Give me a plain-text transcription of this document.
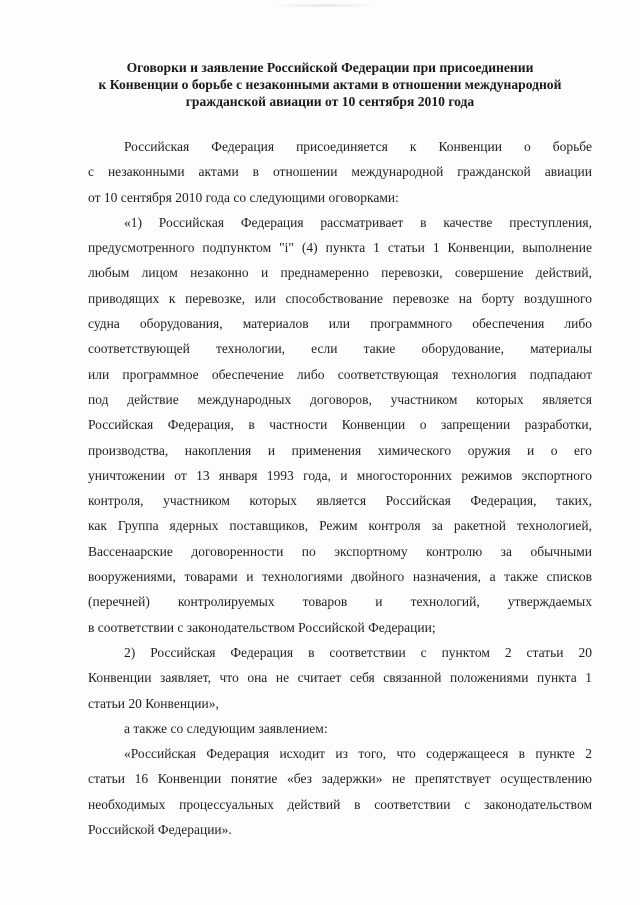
Оговорки и заявление Российской Федерации при присоединении
к Конвенции о борьбе с незаконными актами в отношении международной
гражданской авиации от 10 сентября 2010 года
Российская Федерация присоединяется к Конвенции о борьбе
с незаконными актами в отношении международной гражданской авиации
от 10 сентября 2010 года со следующими оговорками:
«1) Российская Федерация рассматривает в качестве преступления,
предусмотренного подпунктом "i" (4) пункта 1 статьи 1 Конвенции, выполнение
любым лицом незаконно и преднамеренно перевозки, совершение действий,
приводящих к перевозке, или способствование перевозке на борту воздушного
судна оборудования, материалов или программного обеспечения либо
соответствующей технологии, если такие оборудование, материалы
или программное обеспечение либо соответствующая технология подпадают
под действие международных договоров, участником которых является
Российская Федерация, в частности Конвенции о запрещении разработки,
производства, накопления и применения химического оружия и о его
уничтожении от 13 января 1993 года, и многосторонних режимов экспортного
контроля, участником которых является Российская Федерация, таких,
как Группа ядерных поставщиков, Режим контроля за ракетной технологией,
Вассенаарские договоренности по экспортному контролю за обычными
вооружениями, товарами и технологиями двойного назначения, а также списков
(перечней) контролируемых товаров и технологий, утверждаемых
в соответствии с законодательством Российской Федерации;
2) Российская Федерация в соответствии с пунктом 2 статьи 20
Конвенции заявляет, что она не считает себя связанной положениями пункта 1
статьи 20 Конвенции»,
а также со следующим заявлением:
«Российская Федерация исходит из того, что содержащееся в пункте 2
статьи 16 Конвенции понятие «без задержки» не препятствует осуществлению
необходимых процессуальных действий в соответствии с законодательством
Российской Федерации».
